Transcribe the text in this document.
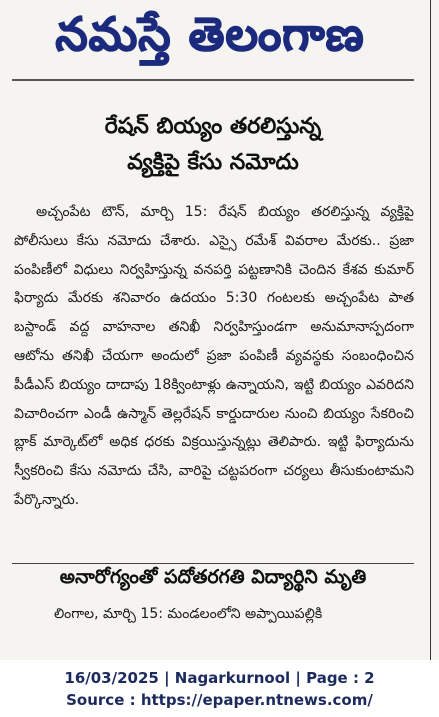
నమస్తే తెలంగాణ
రేషన్ బియ్యం తరలిస్తున్న
వ్యక్తిపై కేసు నమోదు

అచ్చంపేట టౌన్, మార్చి 15: రేషన్ బియ్యం తరలిస్తున్న వ్యక్తిపై పోలీసులు కేసు నమోదు చేశారు. ఎస్సై రమేశ్ వివరాల మేరకు.. ప్రజా పంపిణీలో విధులు నిర్వహిస్తున్న వనపర్తి పట్టణానికి చెందిన కేశవ కుమార్ ఫిర్యాదు మేరకు శనివారం ఉదయం 5:30 గంటలకు అచ్చంపేట పాత బస్టాండ్ వద్ద వాహనాల తనిఖీ నిర్వహిస్తుండగా అనుమానాస్పదంగా ఆటోను తనిఖీ చేయగా అందులో ప్రజా పంపిణీ వ్యవస్థకు సంబంధించిన పీడీఎస్ బియ్యం దాదాపు 18క్వింటాళ్లు ఉన్నాయని, ఇట్టి బియ్యం ఎవరిదని విచారించగా ఎండీ ఉస్మాన్ తెల్లరేషన్ కార్డుదారుల నుంచి బియ్యం సేకరించి బ్లాక్ మార్కెట్‌లో అధిక ధరకు విక్రయిస్తున్నట్లు తెలిపారు. ఇట్టి ఫిర్యాదును స్వీకరించి కేసు నమోదు చేసి, వారిపై చట్టపరంగా చర్యలు తీసుకుంటామని పేర్కొన్నారు.

అనారోగ్యంతో పదోతరగతి విద్యార్థిని మృతి

లింగాల, మార్చి 15: మండలంలోని అప్పాయిపల్లికి

16/03/2025 | Nagarkurnool | Page : 2
Source : https://epaper.ntnews.com/
